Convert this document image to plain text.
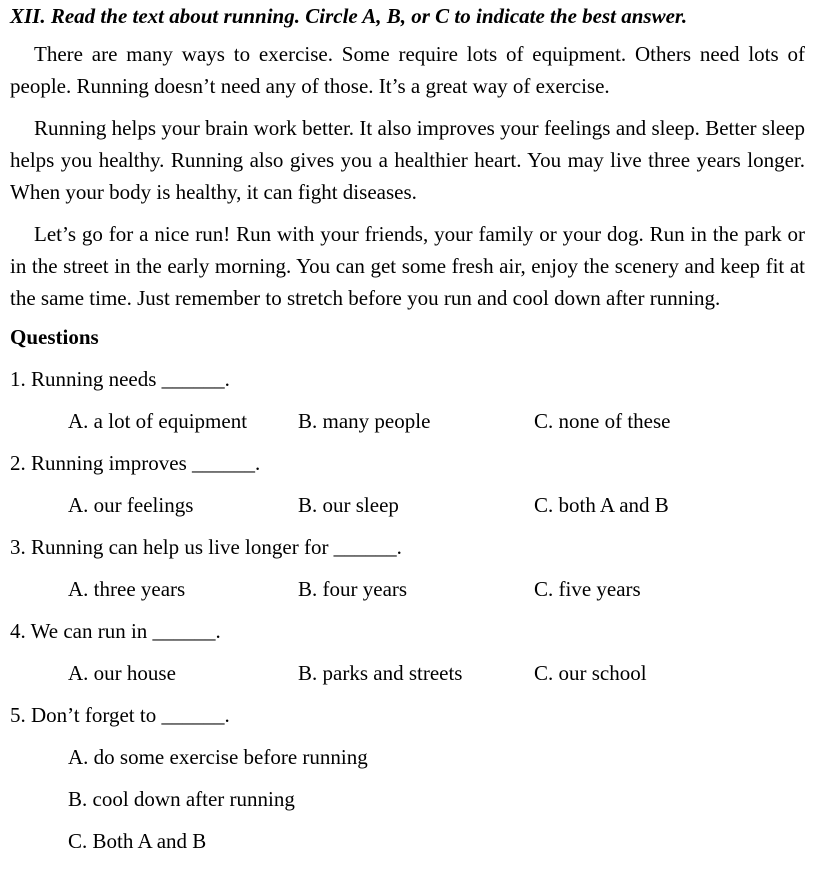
XII. Read the text about running. Circle A, B, or C to indicate the best answer.

There are many ways to exercise. Some require lots of equipment. Others need lots of people. Running doesn’t need any of those. It’s a great way of exercise.

Running helps your brain work better. It also improves your feelings and sleep. Better sleep helps you healthy. Running also gives you a healthier heart. You may live three years longer. When your body is healthy, it can fight diseases.

Let’s go for a nice run! Run with your friends, your family or your dog. Run in the park or in the street in the early morning. You can get some fresh air, enjoy the scenery and keep fit at the same time. Just remember to stretch before you run and cool down after running.

Questions
1. Running needs ______.
A. a lot of equipment	B. many people	C. none of these
2. Running improves ______.
A. our feelings	B. our sleep	C. both A and B
3. Running can help us live longer for ______.
A. three years	B. four years	C. five years
4. We can run in ______.
A. our house	B. parks and streets	C. our school
5. Don’t forget to ______.
A. do some exercise before running
B. cool down after running
C. Both A and B
